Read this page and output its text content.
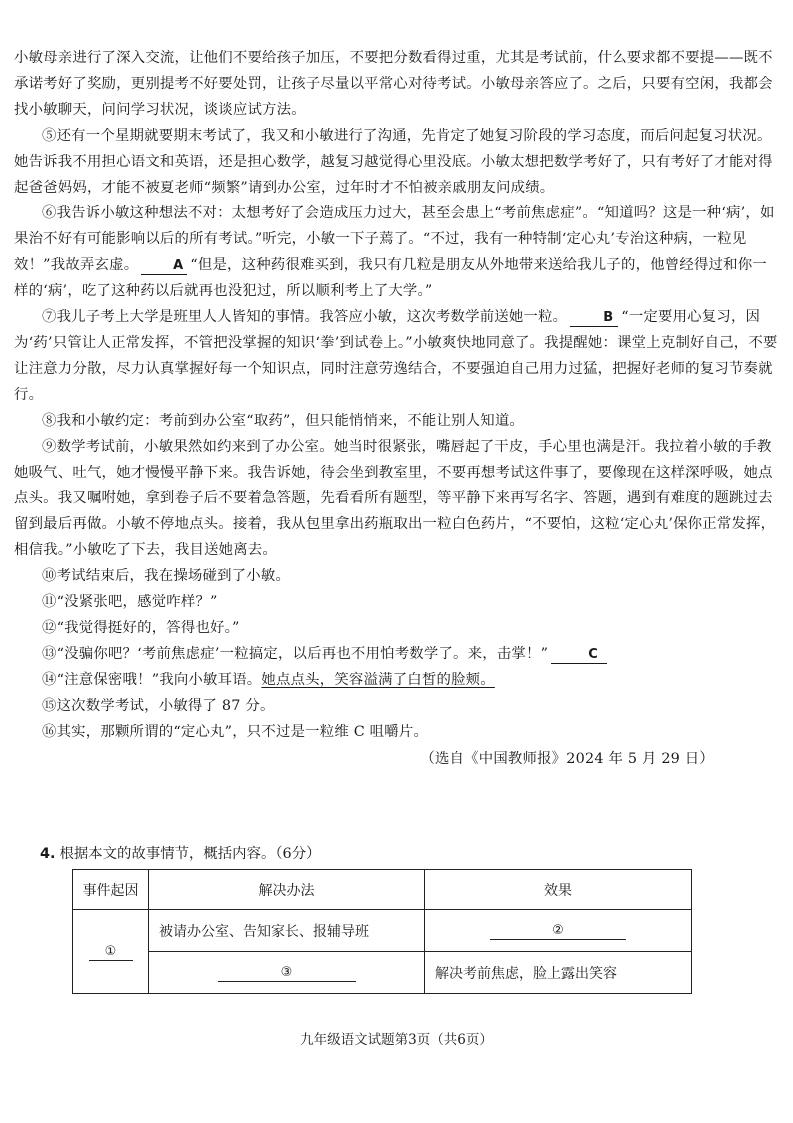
小敏母亲进行了深入交流，让他们不要给孩子加压，不要把分数看得过重，尤其是考试前，什么要求都不要提——既不承诺考好了奖励，更别提考不好要处罚，让孩子尽量以平常心对待考试。小敏母亲答应了。之后，只要有空闲，我都会找小敏聊天，问问学习状况，谈谈应试方法。

⑤还有一个星期就要期末考试了，我又和小敏进行了沟通，先肯定了她复习阶段的学习态度，而后问起复习状况。她告诉我不用担心语文和英语，还是担心数学，越复习越觉得心里没底。小敏太想把数学考好了，只有考好了才能对得起爸爸妈妈，才能不被夏老师“频繁”请到办公室，过年时才不怕被亲戚朋友问成绩。

⑥我告诉小敏这种想法不对：太想考好了会造成压力过大，甚至会患上“考前焦虑症”。“知道吗？这是一种‘病’，如果治不好有可能影响以后的所有考试。”听完，小敏一下子蔫了。“不过，我有一种特制‘定心丸’专治这种病，一粒见效！”我故弄玄虚。	A “但是，这种药很难买到，我只有几粒是朋友从外地带来送给我儿子的，他曾经得过和你一样的‘病’，吃了这种药以后就再也没犯过，所以顺利考上了大学。”

⑦我儿子考上大学是班里人人皆知的事情。我答应小敏，这次考数学前送她一粒。	B “一定要用心复习，因为‘药’只管让人正常发挥，不管把没掌握的知识‘拳’到试卷上。”小敏爽快地同意了。我提醒她：课堂上克制好自己，不要让注意力分散，尽力认真掌握好每一个知识点，同时注意劳逸结合，不要强迫自己用力过猛，把握好老师的复习节奏就行。

⑧我和小敏约定：考前到办公室“取药”，但只能悄悄来，不能让别人知道。

⑨数学考试前，小敏果然如约来到了办公室。她当时很紧张，嘴唇起了干皮，手心里也满是汗。我拉着小敏的手教她吸气、吐气，她才慢慢平静下来。我告诉她，待会坐到教室里，不要再想考试这件事了，要像现在这样深呼吸，她点点头。我又嘱咐她，拿到卷子后不要着急答题，先看看所有题型，等平静下来再写名字、答题，遇到有难度的题跳过去留到最后再做。小敏不停地点头。接着，我从包里拿出药瓶取出一粒白色药片，“不要怕，这粒‘定心丸’保你正常发挥，相信我。”小敏吃了下去，我目送她离去。

⑩考试结束后，我在操场碰到了小敏。

⑪“没紧张吧，感觉咋样？”

⑫“我觉得挺好的，答得也好。”

⑬“没骗你吧？‘考前焦虑症’一粒搞定，以后再也不用怕考数学了。来，击掌！”	C

⑭“注意保密哦！”我向小敏耳语。她点点头，笑容溢满了白皙的脸颊。

⑮这次数学考试，小敏得了 87 分。

⑯其实，那颗所谓的“定心丸”，只不过是一粒维 C 咀嚼片。

（选自《中国教师报》2024 年 5 月 29 日）

4. 根据本文的故事情节，概括内容。（6分）
事件起因	解决办法	效果
①	被请办公室、告知家长、报辅导班	②
	③	解决考前焦虑，脸上露出笑容
九年级语文试题第3页（共6页）
